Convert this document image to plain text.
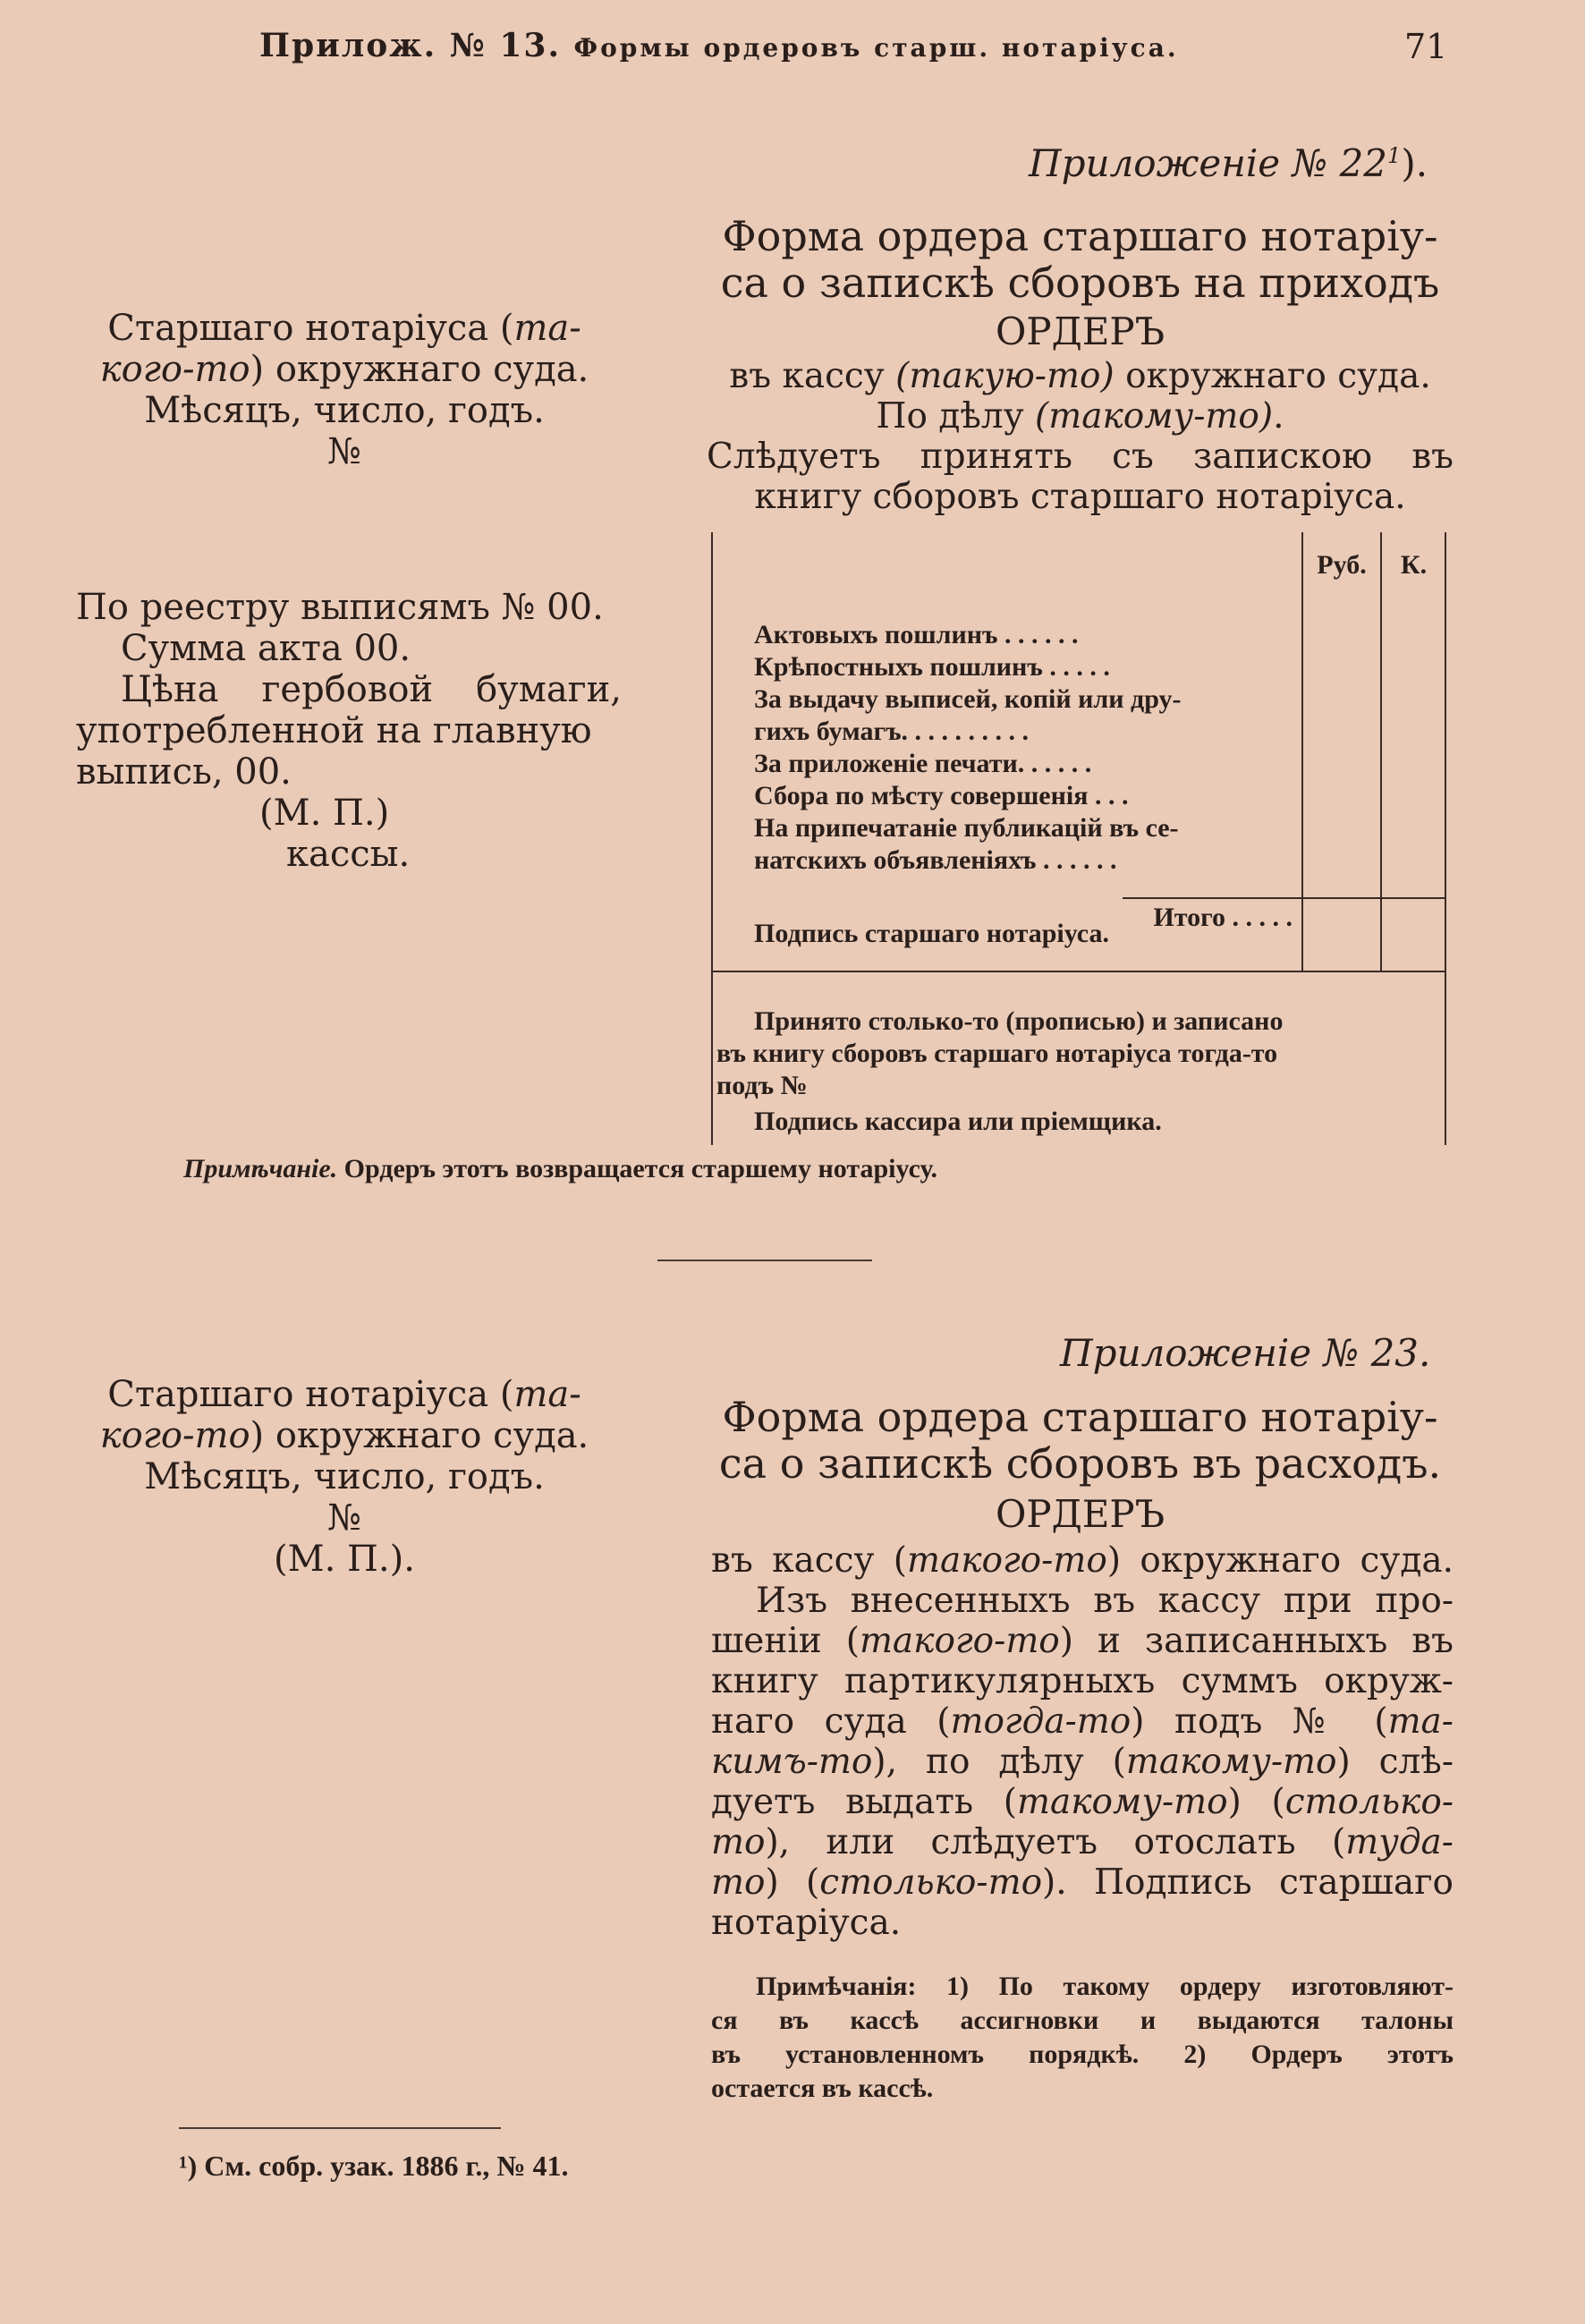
Прилож. № 13. Формы ордеровъ старш. нотаріуса.	71
Приложеніе № $22^1$).
Форма ордера старшаго нотаріу-
са о запискѣ сборовъ на приходъ
ОРДЕРЪ
Старшаго нотаріуса (та-
кого-то) окружнаго суда.
Мѣсяцъ, число, годъ.
№
По реестру выписямъ № 00.
Сумма акта 00.
Цѣна гербовой бумаги,
употребленной на главную
выпись, 00.
(М. П.)
кассы.
въ кассу (такую-то) окружнаго суда.
По дѣлу (такому-то).
Слѣдуетъ принять съ запискою въ
книгу сборовъ старшаго нотаріуса.
Руб.	К.
Актовыхъ пошлинъ . . . . . .
Крѣпостныхъ пошлинъ . . . . .
За выдачу выписей, копій или дру-
гихъ бумагъ. . . . . . . . . .
За приложеніе печати. . . . . .
Сбора по мѣсту совершенія . . .
На припечатаніе публикацій въ се-
натскихъ объявленіяхъ . . . . . .
Итого . . . . .
Подпись старшаго нотаріуса.
Принято столько-то (прописью) и записано
въ книгу сборовъ старшаго нотаріуса тогда-то
подъ №
Подпись кассира или пріемщика.
Примѣчаніе. Ордеръ этотъ возвращается старшему нотаріусу.
Приложеніе № 23.
Форма ордера старшаго нотаріу-
са о запискѣ сборовъ въ расходъ.
ОРДЕРЪ
Старшаго нотаріуса (та-
кого-то) окружнаго суда.
Мѣсяцъ, число, годъ.
№
(М. П.).	въ кассу (такого-то) окружнаго суда.
Изъ внесенныхъ въ кассу при про-
шеніи (такого-то) и записанныхъ въ
книгу партикулярныхъ суммъ окруж-
наго суда (тогда-то) подъ № (та-
кимъ-то), по дѣлу (такому-то) слѣ-
дуетъ выдать (такому-то) (столько-
то), или слѣдуетъ отослать (туда-
то) (столько-то). Подпись старшаго
нотаріуса.
Примѣчанія: 1) По такому ордеру изготовляют-
ся въ кассѣ ассигновки и выдаются талоны
въ установленномъ порядкѣ. 2) Ордеръ этотъ
остается въ кассѣ.
¹) См. собр. узак. 1886 г., № 41.
